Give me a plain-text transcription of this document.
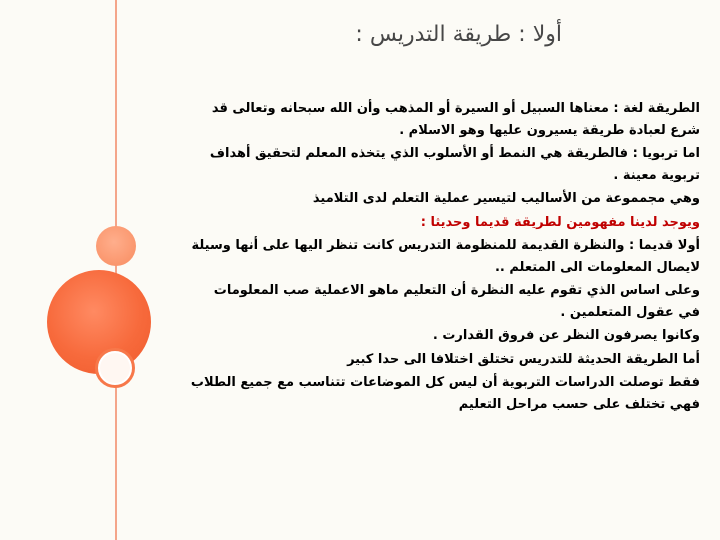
أولا : طريقة التدريس :

الطريقة لغة : معناها السبيل أو السيرة أو المذهب وأن الله سبحانه وتعالى قد شرع لعبادة طريقة يسيرون عليها وهو الاسلام .

اما تربويا : فالطريقة هي النمط أو الأسلوب الذي يتخذه المعلم لتحقيق أهداف تربوية معينة .

وهي مجمموعة من الأساليب لتيسير عملية التعلم لدى التلاميذ

ويوجد لدينا مفهومين لطريقة قديما وحديثا :

أولا قديما : والنظرة القديمة للمنظومة التدريس كانت تنظر اليها على أنها وسيلة لايصال المعلومات الى المتعلم ..

وعلى اساس الذي تقوم عليه النظرة أن التعليم ماهو الاعملية صب المعلومات في عقول المتعلمين .

وكانوا يصرفون النظر عن فروق القدارت .

أما الطريقة الحديثة للتدريس تختلق اختلافا الى حدا كبير

فقط توصلت الدراسات التربوية أن ليس كل الموضاعات تتناسب مع جميع الطلاب فهي تختلف على حسب مراحل التعليم
